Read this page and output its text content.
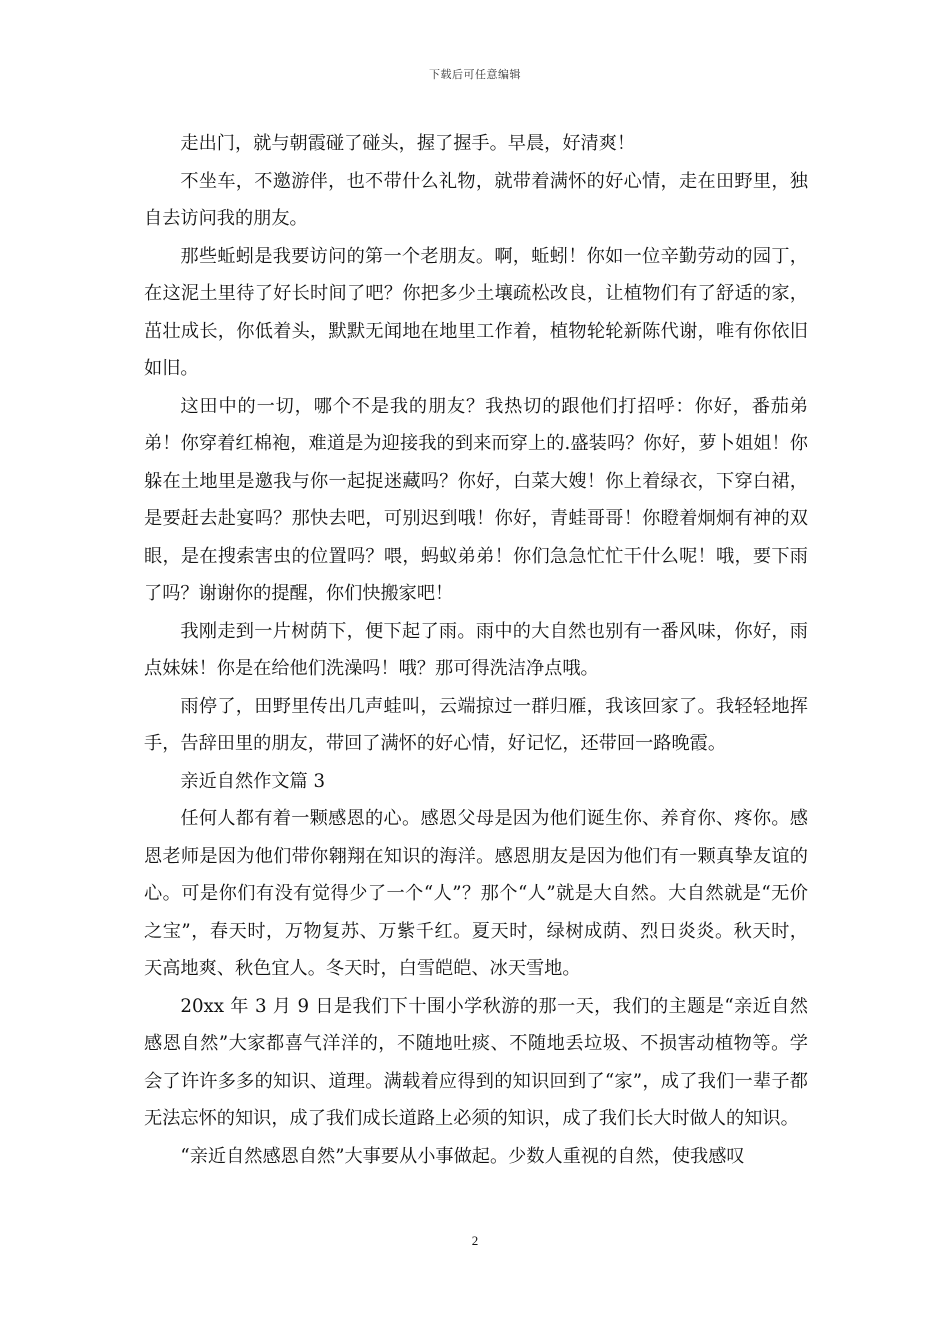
下载后可任意编辑

走出门，就与朝霞碰了碰头，握了握手。早晨，好清爽！

不坐车，不邀游伴，也不带什么礼物，就带着满怀的好心情，走在田野里，独自去访问我的朋友。

那些蚯蚓是我要访问的第一个老朋友。啊，蚯蚓！你如一位辛勤劳动的园丁，在这泥土里待了好长时间了吧？你把多少土壤疏松改良，让植物们有了舒适的家，茁壮成长，你低着头，默默无闻地在地里工作着，植物轮轮新陈代谢，唯有你依旧如旧。

这田中的一切，哪个不是我的朋友？我热切的跟他们打招呼：你好，番茄弟弟！你穿着红棉袍，难道是为迎接我的到来而穿上的.盛装吗？你好，萝卜姐姐！你躲在土地里是邀我与你一起捉迷藏吗？你好，白菜大嫂！你上着绿衣，下穿白裙，是要赶去赴宴吗？那快去吧，可别迟到哦！你好，青蛙哥哥！你瞪着炯炯有神的双眼，是在搜索害虫的位置吗？喂，蚂蚁弟弟！你们急急忙忙干什么呢！哦，要下雨了吗？谢谢你的提醒，你们快搬家吧！

我刚走到一片树荫下，便下起了雨。雨中的大自然也别有一番风味，你好，雨点妹妹！你是在给他们洗澡吗！哦？那可得洗洁净点哦。

雨停了，田野里传出几声蛙叫，云端掠过一群归雁，我该回家了。我轻轻地挥手，告辞田里的朋友，带回了满怀的好心情，好记忆，还带回一路晚霞。

亲近自然作文篇 3

任何人都有着一颗感恩的心。感恩父母是因为他们诞生你、养育你、疼你。感恩老师是因为他们带你翱翔在知识的海洋。感恩朋友是因为他们有一颗真挚友谊的心。可是你们有没有觉得少了一个“人”？那个“人”就是大自然。大自然就是“无价之宝”，春天时，万物复苏、万紫千红。夏天时，绿树成荫、烈日炎炎。秋天时，天高地爽、秋色宜人。冬天时，白雪皑皑、冰天雪地。

20xx 年 3 月 9 日是我们下十围小学秋游的那一天，我们的主题是“亲近自然感恩自然”大家都喜气洋洋的，不随地吐痰、不随地丢垃圾、不损害动植物等。学会了许许多多的知识、道理。满载着应得到的知识回到了“家”，成了我们一辈子都无法忘怀的知识，成了我们成长道路上必须的知识，成了我们长大时做人的知识。

“亲近自然感恩自然”大事要从小事做起。少数人重视的自然，使我感叹

2
